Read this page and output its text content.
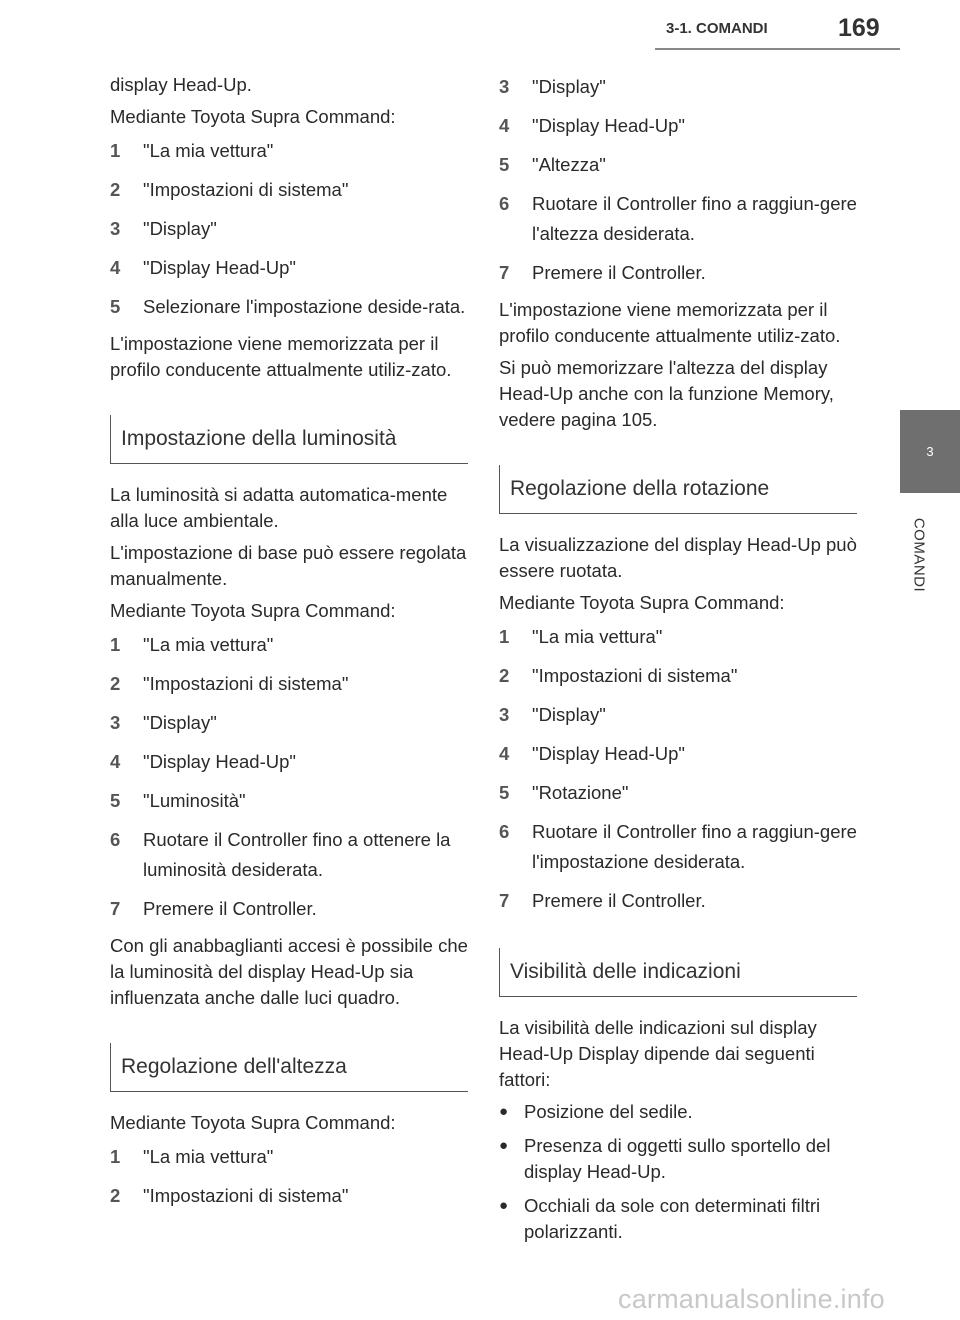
3-1. COMANDI	169
3
COMANDI

display Head-Up.

Mediante Toyota Supra Command:

1	"La mia vettura"
2	"Impostazioni di sistema"
3	"Display"
4	"Display Head-Up"
5	Selezionare l'impostazione deside-rata.

L'impostazione viene memorizzata per il profilo conducente attualmente utiliz-zato.

Impostazione della luminosità

La luminosità si adatta automatica-mente alla luce ambientale.

L'impostazione di base può essere regolata manualmente.

Mediante Toyota Supra Command:

1	"La mia vettura"
2	"Impostazioni di sistema"
3	"Display"
4	"Display Head-Up"
5	"Luminosità"
6	Ruotare il Controller fino a ottenere la luminosità desiderata.
7	Premere il Controller.

Con gli anabbaglianti accesi è possibile che la luminosità del display Head-Up sia influenzata anche dalle luci quadro.

Regolazione dell'altezza

Mediante Toyota Supra Command:

1	"La mia vettura"
2	"Impostazioni di sistema"
3	"Display"
4	"Display Head-Up"
5	"Altezza"
6	Ruotare il Controller fino a raggiun-gere l'altezza desiderata.
7	Premere il Controller.

L'impostazione viene memorizzata per il profilo conducente attualmente utiliz-zato.

Si può memorizzare l'altezza del display Head-Up anche con la funzione Memory, vedere pagina 105.

Regolazione della rotazione

La visualizzazione del display Head-Up può essere ruotata.

Mediante Toyota Supra Command:

1	"La mia vettura"
2	"Impostazioni di sistema"
3	"Display"
4	"Display Head-Up"
5	"Rotazione"
6	Ruotare il Controller fino a raggiun-gere l'impostazione desiderata.
7	Premere il Controller.
Visibilità delle indicazioni

La visibilità delle indicazioni sul display Head-Up Display dipende dai seguenti fattori:

● Posizione del sedile.
● Presenza di oggetti sullo sportello del display Head-Up.
● Occhiali da sole con determinati filtri polarizzanti.
carmanualsonline.info
